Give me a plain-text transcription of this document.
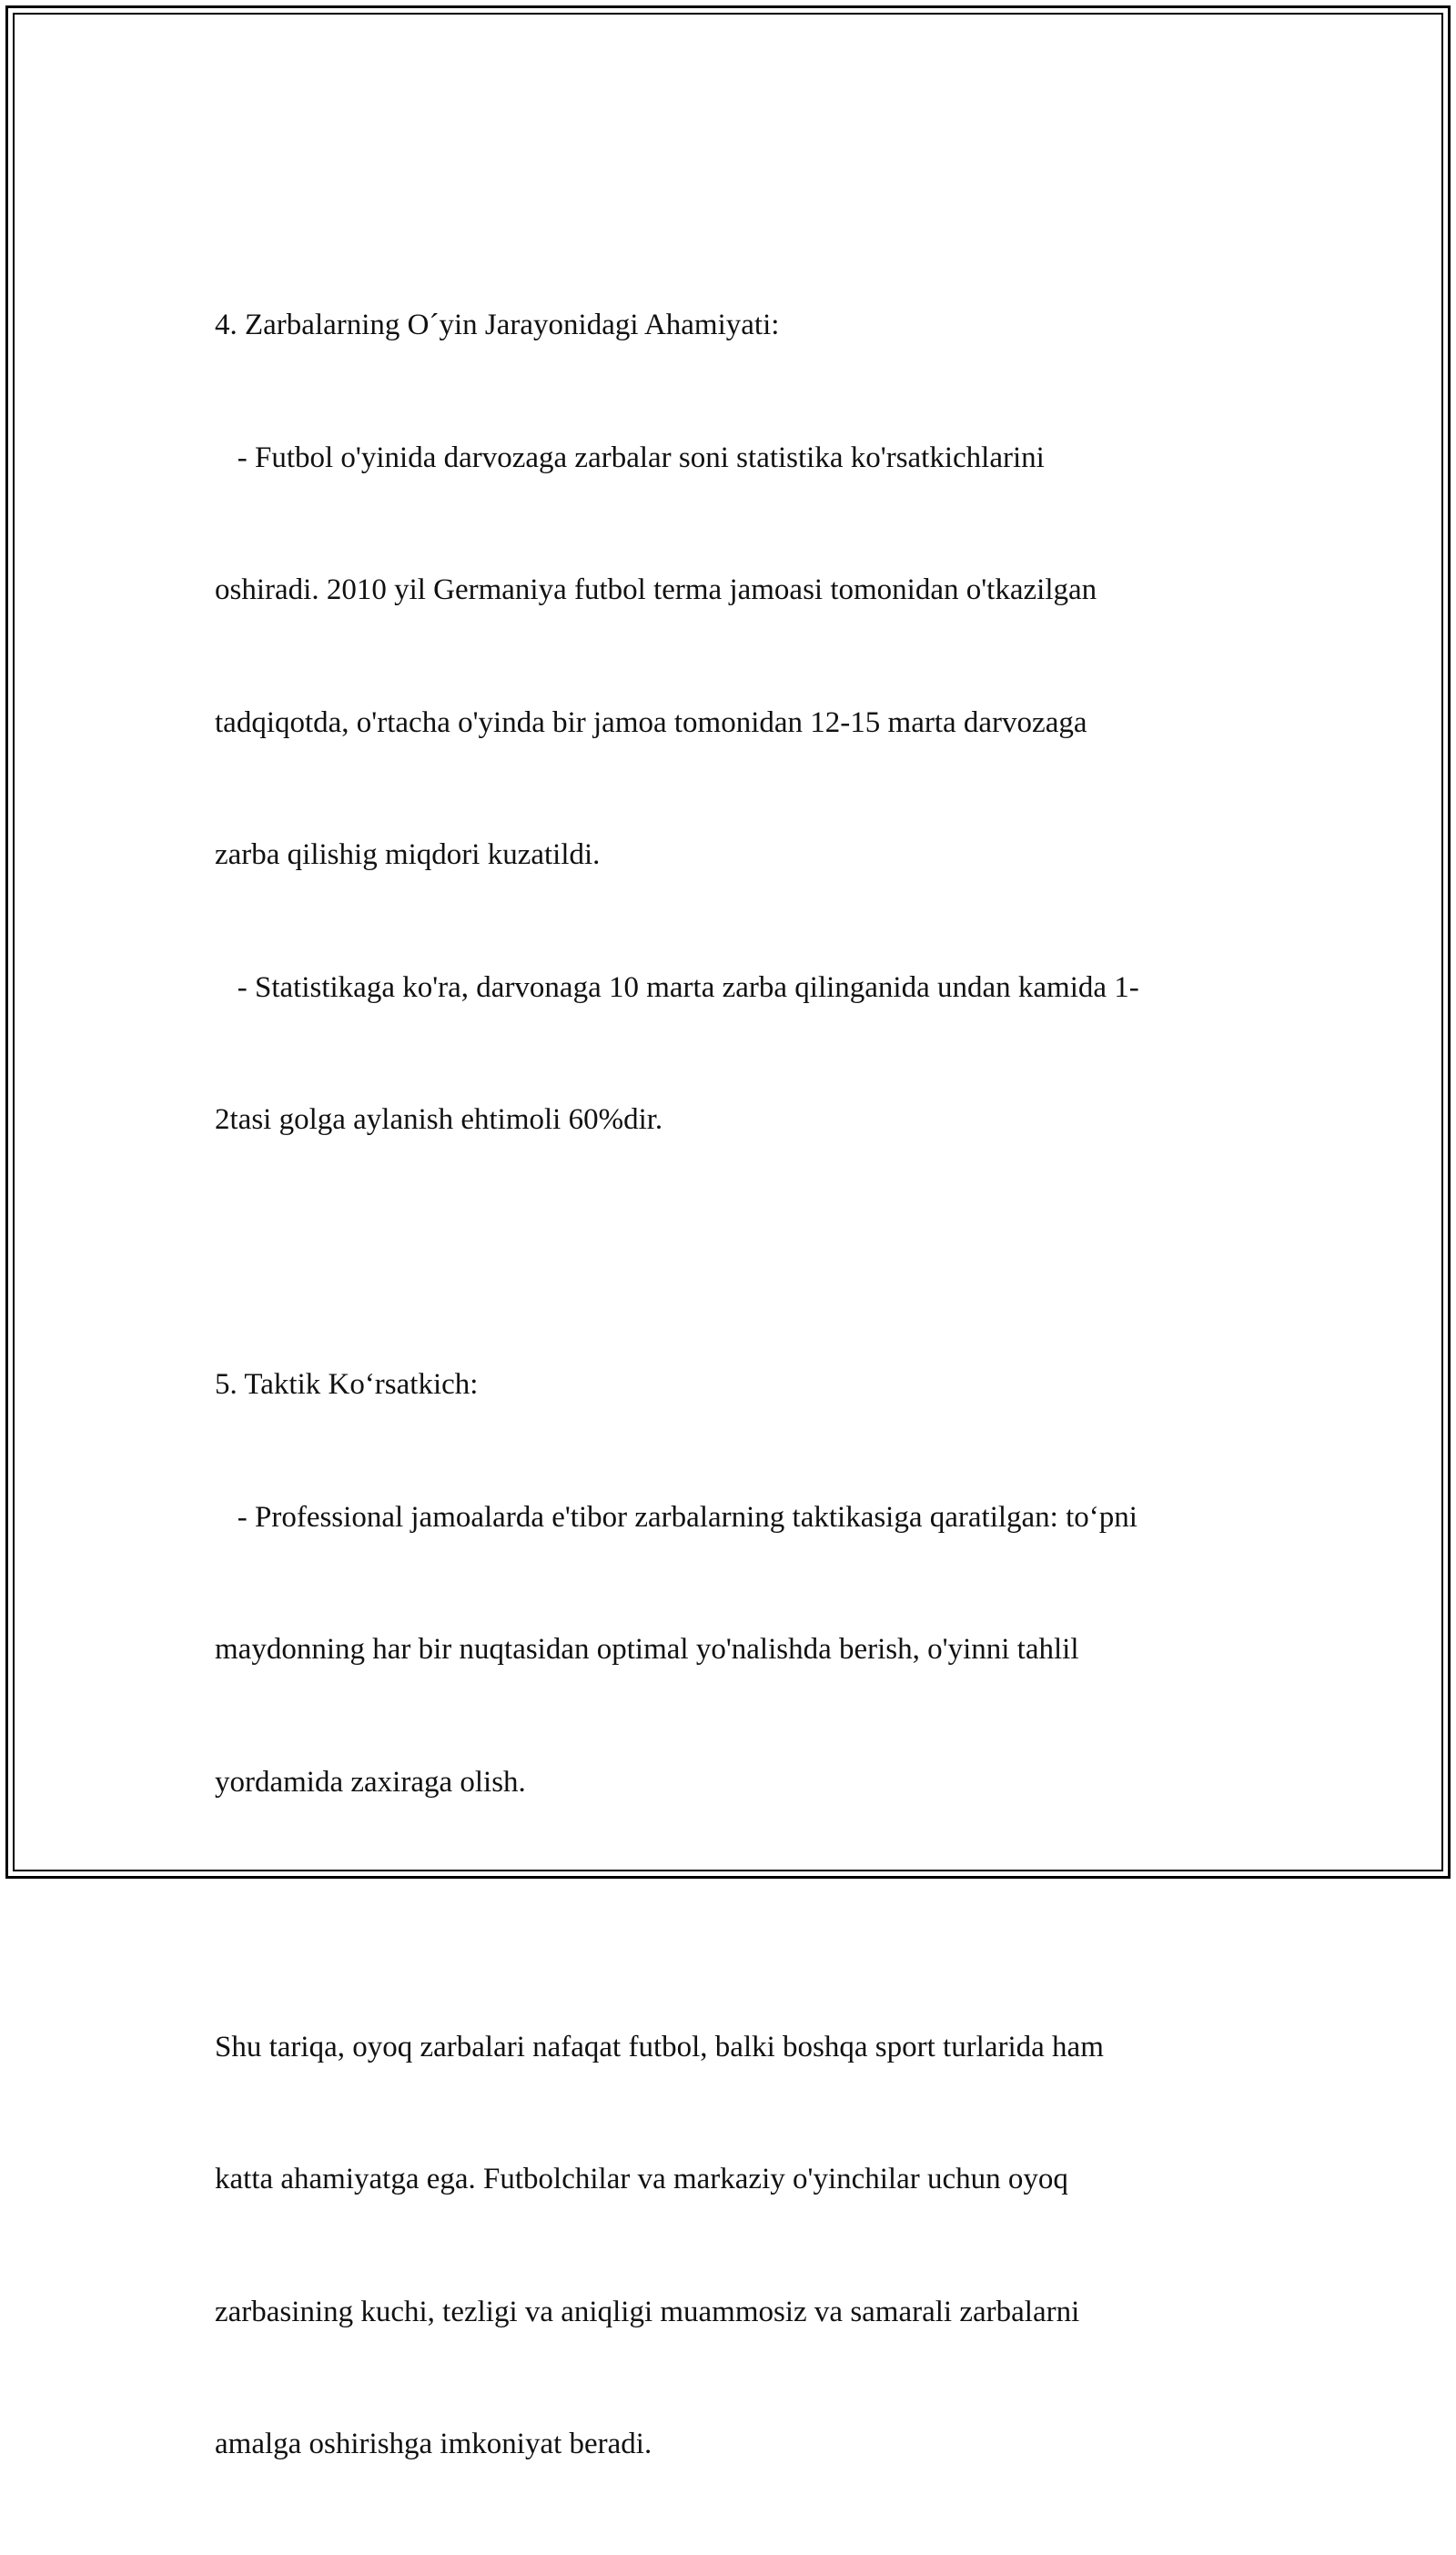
4. Zarbalarning O´yin Jarayonidagi Ahamiyati:

- Futbol o'yinida darvozaga zarbalar soni statistika ko'rsatkichlarini

oshiradi. 2010 yil Germaniya futbol terma jamoasi tomonidan o'tkazilgan

tadqiqotda, o'rtacha o'yinda bir jamoa tomonidan 12-15 marta darvozaga

zarba qilishig miqdori kuzatildi.

- Statistikaga ko'ra, darvonaga 10 marta zarba qilinganida undan kamida 1-

2tasi golga aylanish ehtimoli 60%dir.

5. Taktik Ko‘rsatkich:

- Professional jamoalarda e'tibor zarbalarning taktikasiga qaratilgan: to‘pni

maydonning har bir nuqtasidan optimal yo'nalishda berish, o'yinni tahlil

yordamida zaxiraga olish.

Shu tariqa, oyoq zarbalari nafaqat futbol, balki boshqa sport turlarida ham

katta ahamiyatga ega. Futbolchilar va markaziy o'yinchilar uchun oyoq

zarbasining kuchi, tezligi va aniqligi muammosiz va samarali zarbalarni

amalga oshirishga imkoniyat beradi.
